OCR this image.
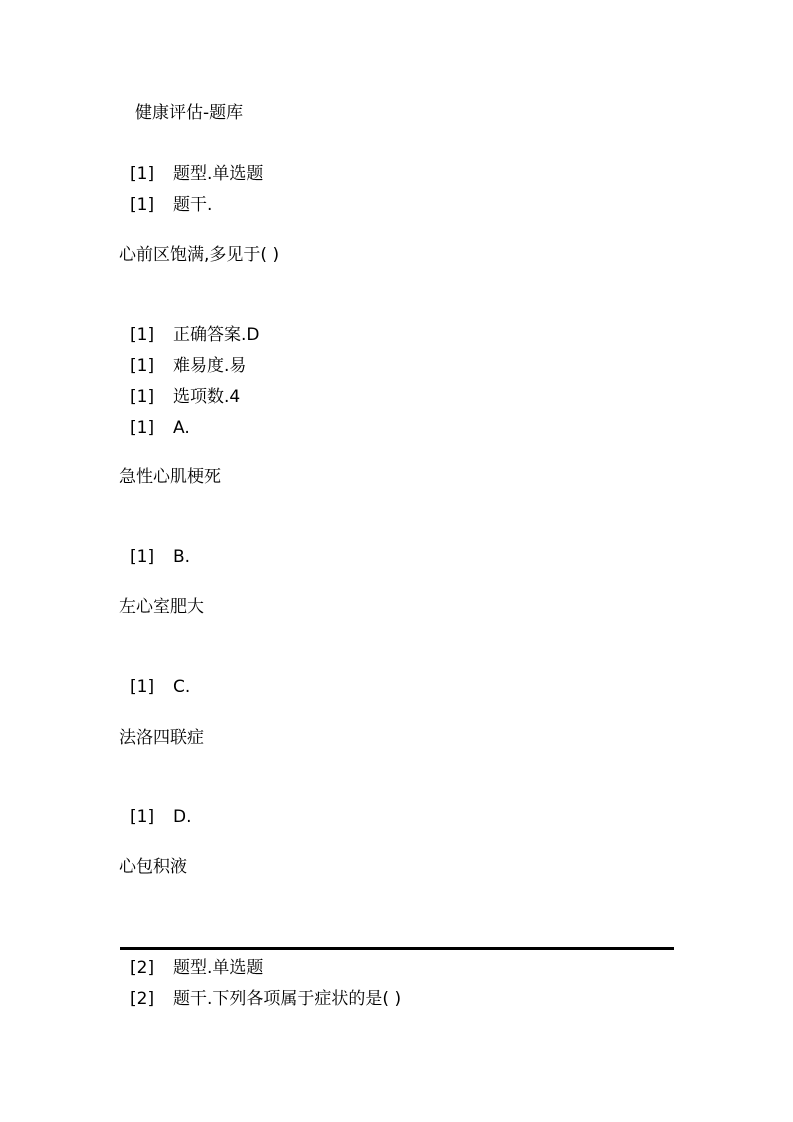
健康评估-题库
[1] 题型.单选题
[1] 题干.
心前区饱满,多见于( )
[1] 正确答案.D
[1] 难易度.易
[1] 选项数.4
[1] A.
急性心肌梗死
[1] B.
左心室肥大
[1] C.
法洛四联症
[1] D.
心包积液
[2] 题型.单选题
[2] 题干.下列各项属于症状的是( )
